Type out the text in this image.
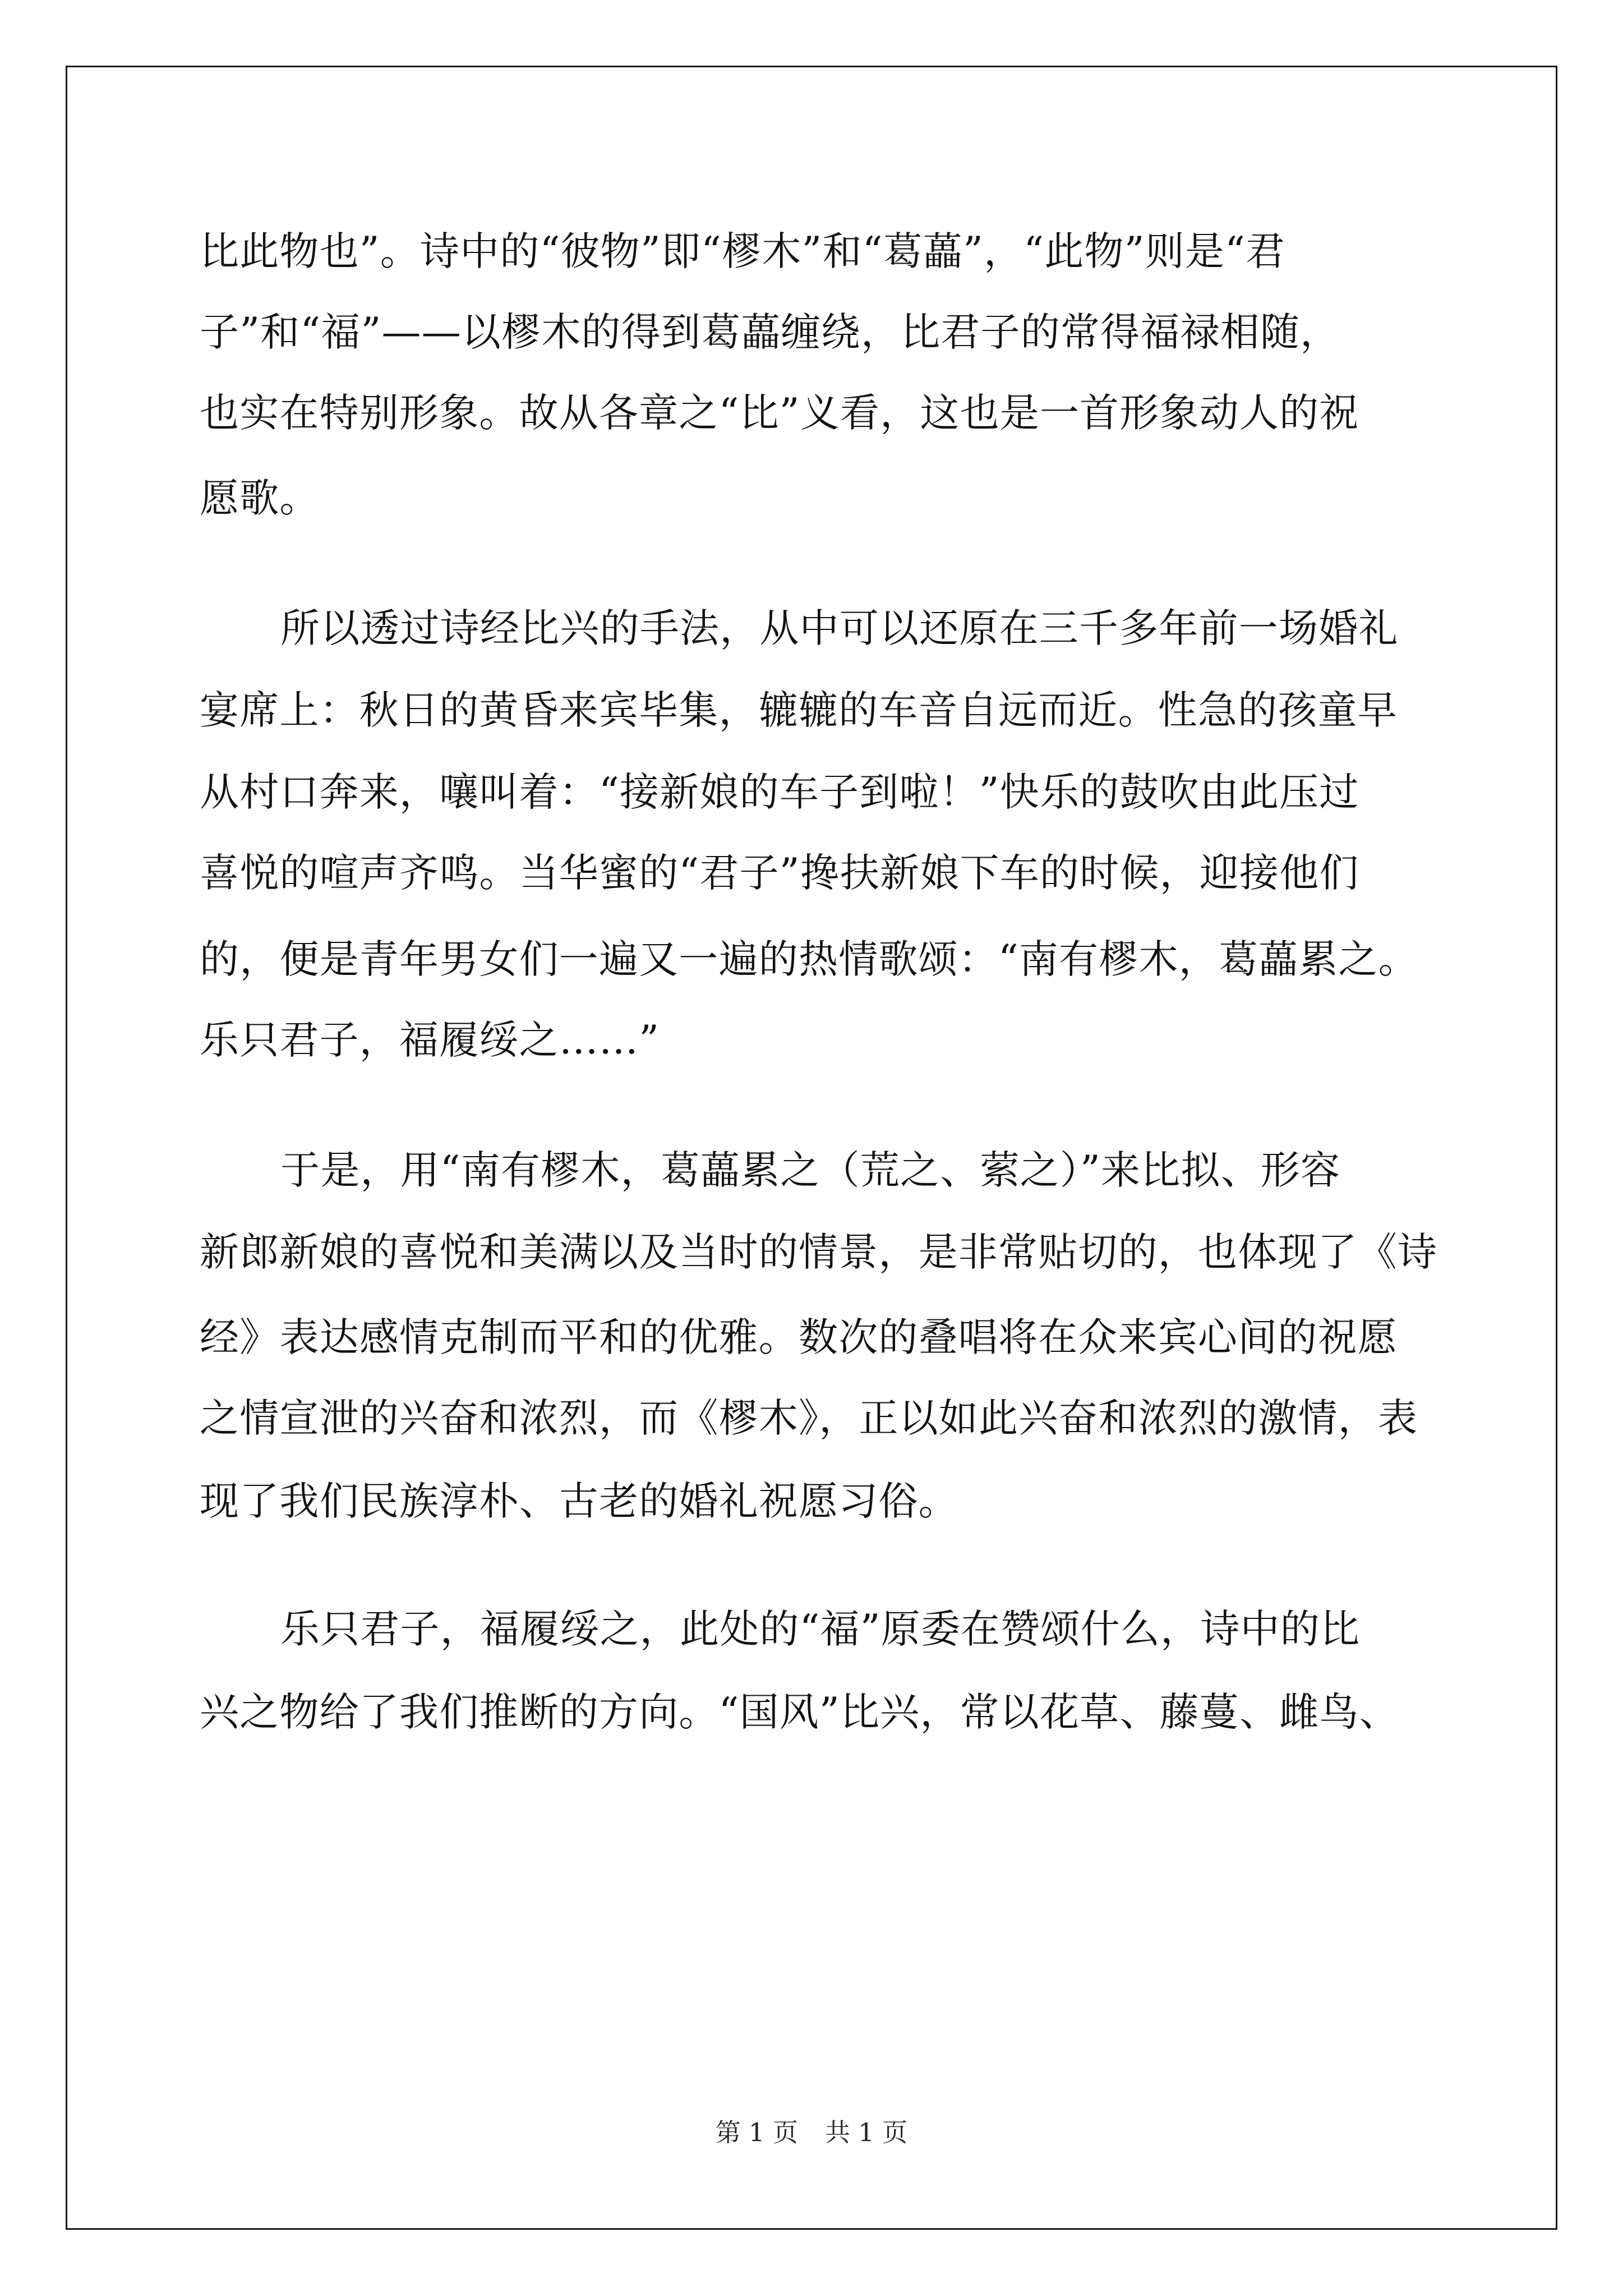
比此物也”。诗中的“彼物”即“樛木”和“葛藟”，“此物”则是“君
子”和“福”——以樛木的得到葛藟缠绕，比君子的常得福禄相随，
也实在特别形象。故从各章之“比”义看，这也是一首形象动人的祝
愿歌。
所以透过诗经比兴的手法，从中可以还原在三千多年前一场婚礼
宴席上：秋日的黄昏来宾毕集，辘辘的车音自远而近。性急的孩童早
从村口奔来，嚷叫着：“接新娘的车子到啦！”快乐的鼓吹由此压过
喜悦的喧声齐鸣。当华蜜的“君子”搀扶新娘下车的时候，迎接他们
的，便是青年男女们一遍又一遍的热情歌颂：“南有樛木，葛藟累之。
乐只君子，福履绥之……”
于是，用“南有樛木，葛藟累之（荒之、萦之）”来比拟、形容
新郎新娘的喜悦和美满以及当时的情景，是非常贴切的，也体现了《诗
经》表达感情克制而平和的优雅。数次的叠唱将在众来宾心间的祝愿
之情宣泄的兴奋和浓烈，而《樛木》，正以如此兴奋和浓烈的激情，表
现了我们民族淳朴、古老的婚礼祝愿习俗。
乐只君子，福履绥之，此处的“福”原委在赞颂什么，诗中的比
兴之物给了我们推断的方向。“国风”比兴，常以花草、藤蔓、雌鸟、
第 1 页 共 1 页
